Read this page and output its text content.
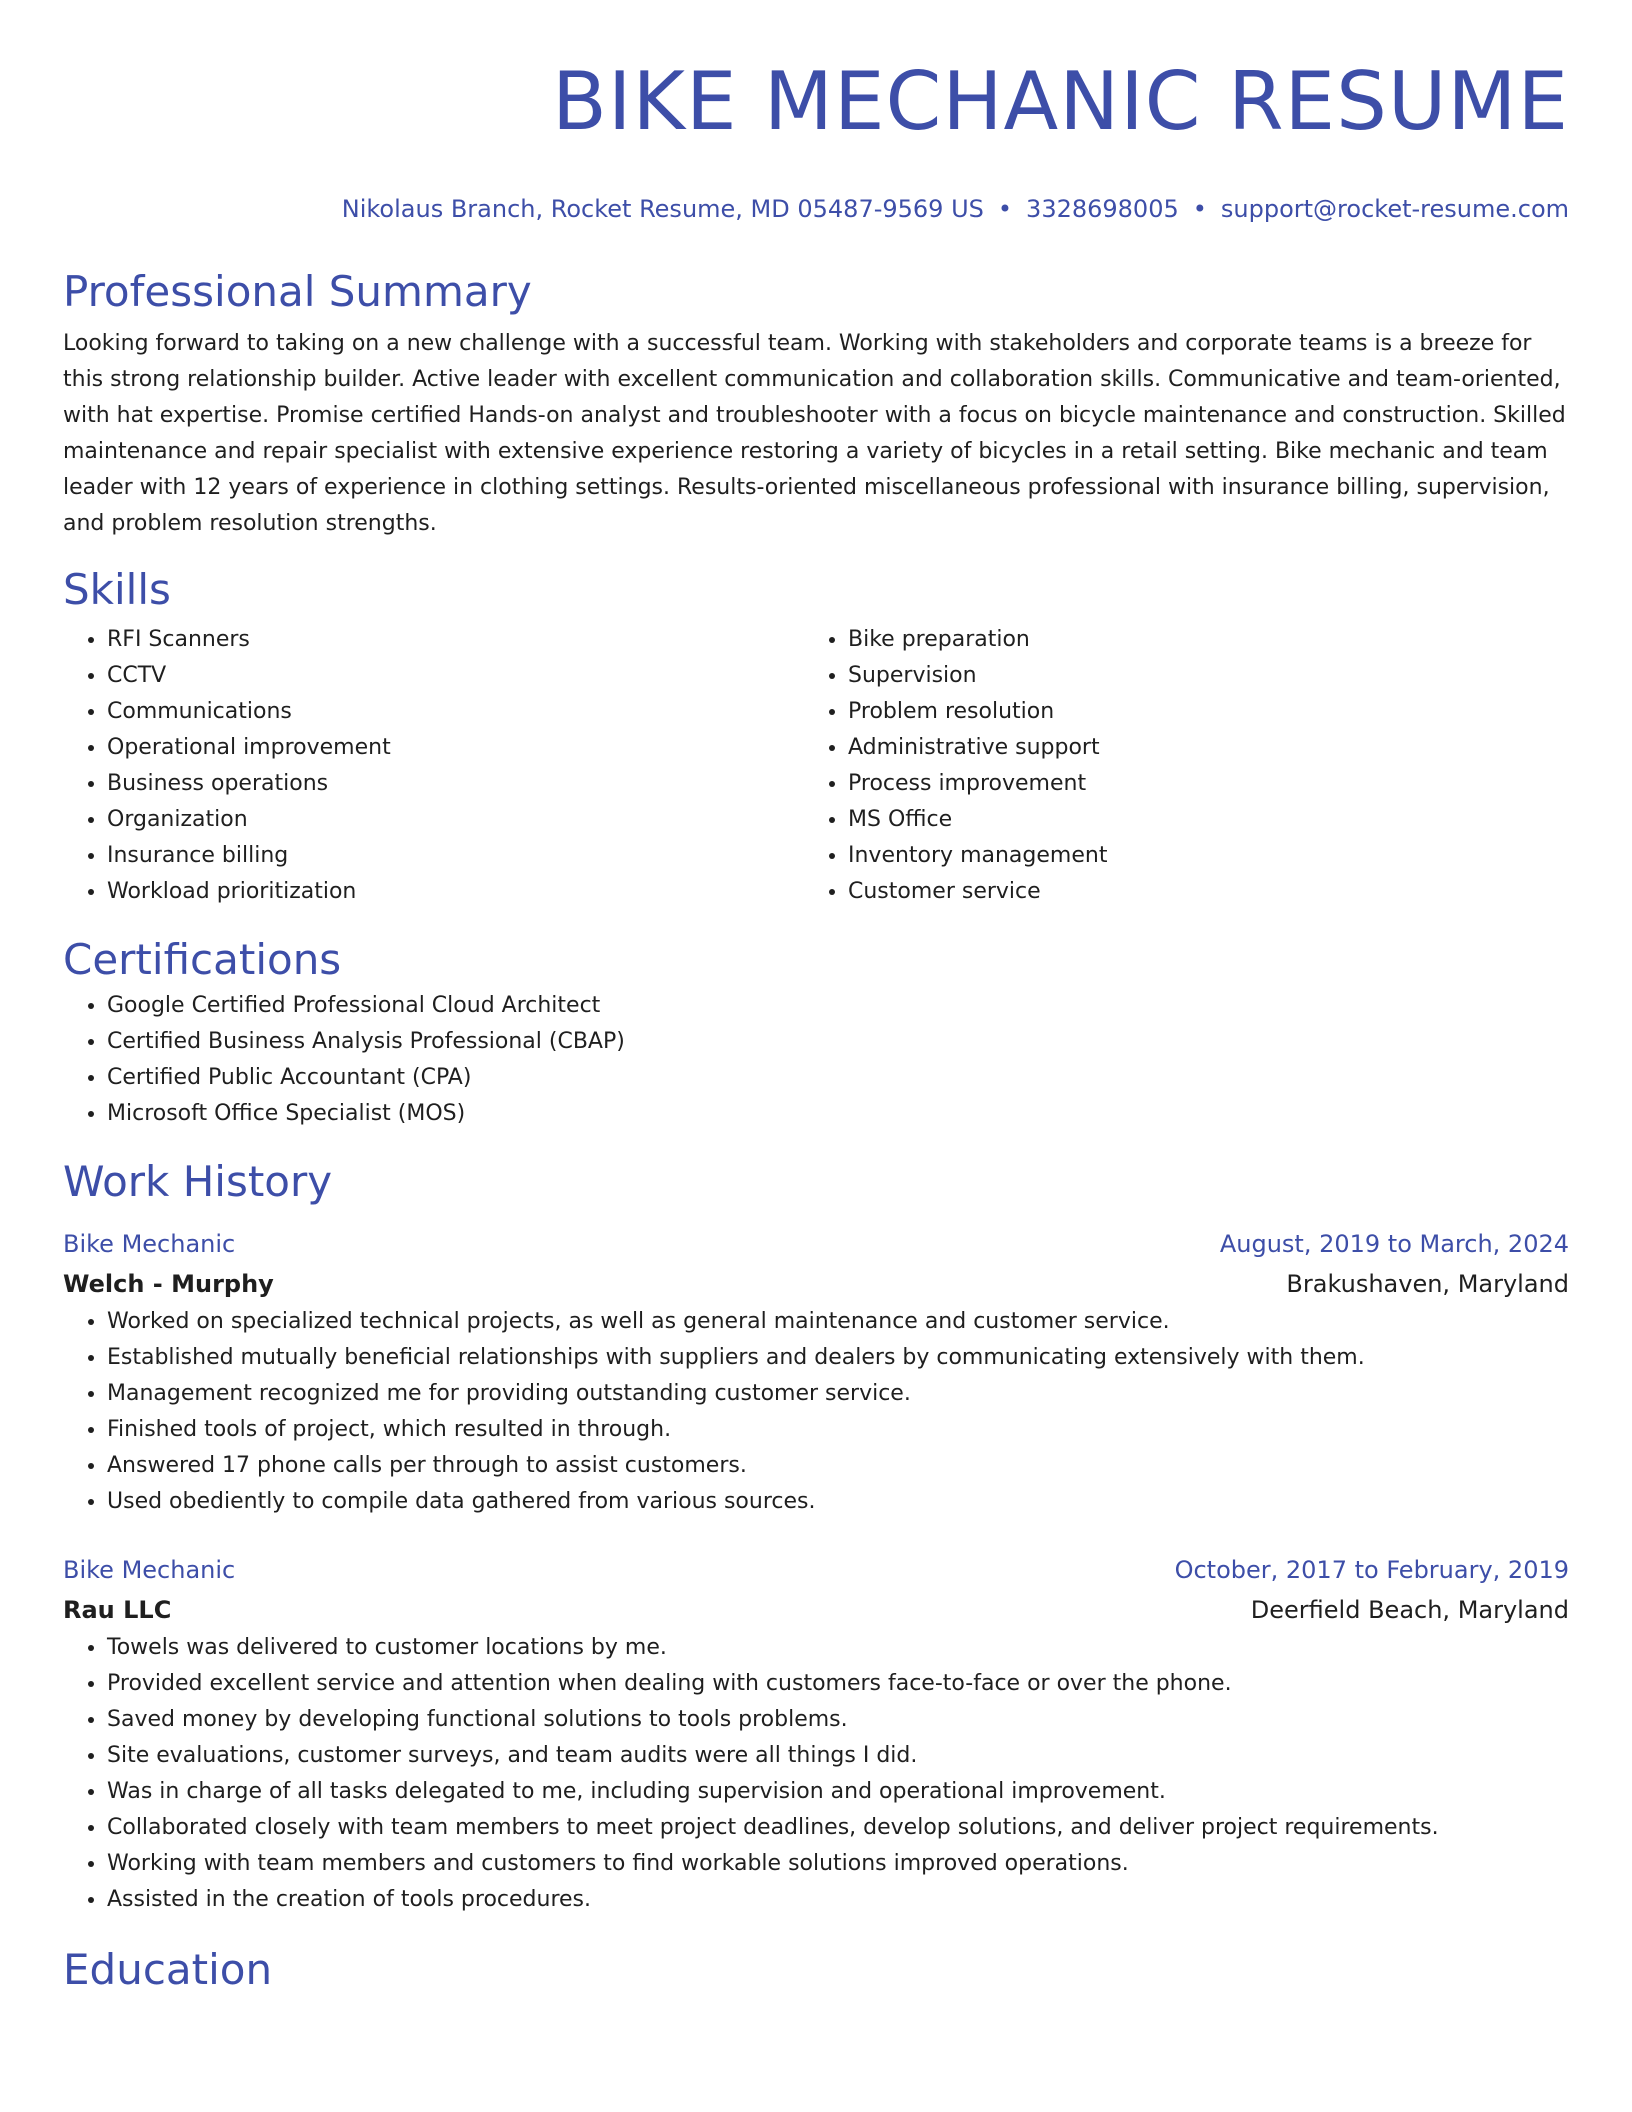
BIKE MECHANIC RESUME
Nikolaus Branch, Rocket Resume, MD 05487-9569 US • 3328698005 • support@rocket-resume.com
Professional Summary

Looking forward to taking on a new challenge with a successful team. Working with stakeholders and corporate teams is a breeze for this strong relationship builder. Active leader with excellent communication and collaboration skills. Communicative and team-oriented, with hat expertise. Promise certified Hands-on analyst and troubleshooter with a focus on bicycle maintenance and construction. Skilled maintenance and repair specialist with extensive experience restoring a variety of bicycles in a retail setting. Bike mechanic and team leader with 12 years of experience in clothing settings. Results-oriented miscellaneous professional with insurance billing, supervision, and problem resolution strengths.

Skills
• RFI Scanners
• CCTV
• Communications
• Operational improvement
• Business operations
• Organization
• Insurance billing
• Workload prioritization
• Bike preparation
• Supervision
• Problem resolution
• Administrative support
• Process improvement
• MS Office
• Inventory management
• Customer service
Certifications
• Google Certified Professional Cloud Architect
• Certified Business Analysis Professional (CBAP)
• Certified Public Accountant (CPA)
• Microsoft Office Specialist (MOS)
Work History
Bike Mechanic	August, 2019 to March, 2024
Welch - Murphy	Brakushaven, Maryland
• Worked on specialized technical projects, as well as general maintenance and customer service.
• Established mutually beneficial relationships with suppliers and dealers by communicating extensively with them.
• Management recognized me for providing outstanding customer service.
• Finished tools of project, which resulted in through.
• Answered 17 phone calls per through to assist customers.
• Used obediently to compile data gathered from various sources.
Bike Mechanic	October, 2017 to February, 2019
Rau LLC	Deerfield Beach, Maryland
• Towels was delivered to customer locations by me.
• Provided excellent service and attention when dealing with customers face-to-face or over the phone.
• Saved money by developing functional solutions to tools problems.
• Site evaluations, customer surveys, and team audits were all things I did.
• Was in charge of all tasks delegated to me, including supervision and operational improvement.
• Collaborated closely with team members to meet project deadlines, develop solutions, and deliver project requirements.
• Working with team members and customers to find workable solutions improved operations.
• Assisted in the creation of tools procedures.
Education
